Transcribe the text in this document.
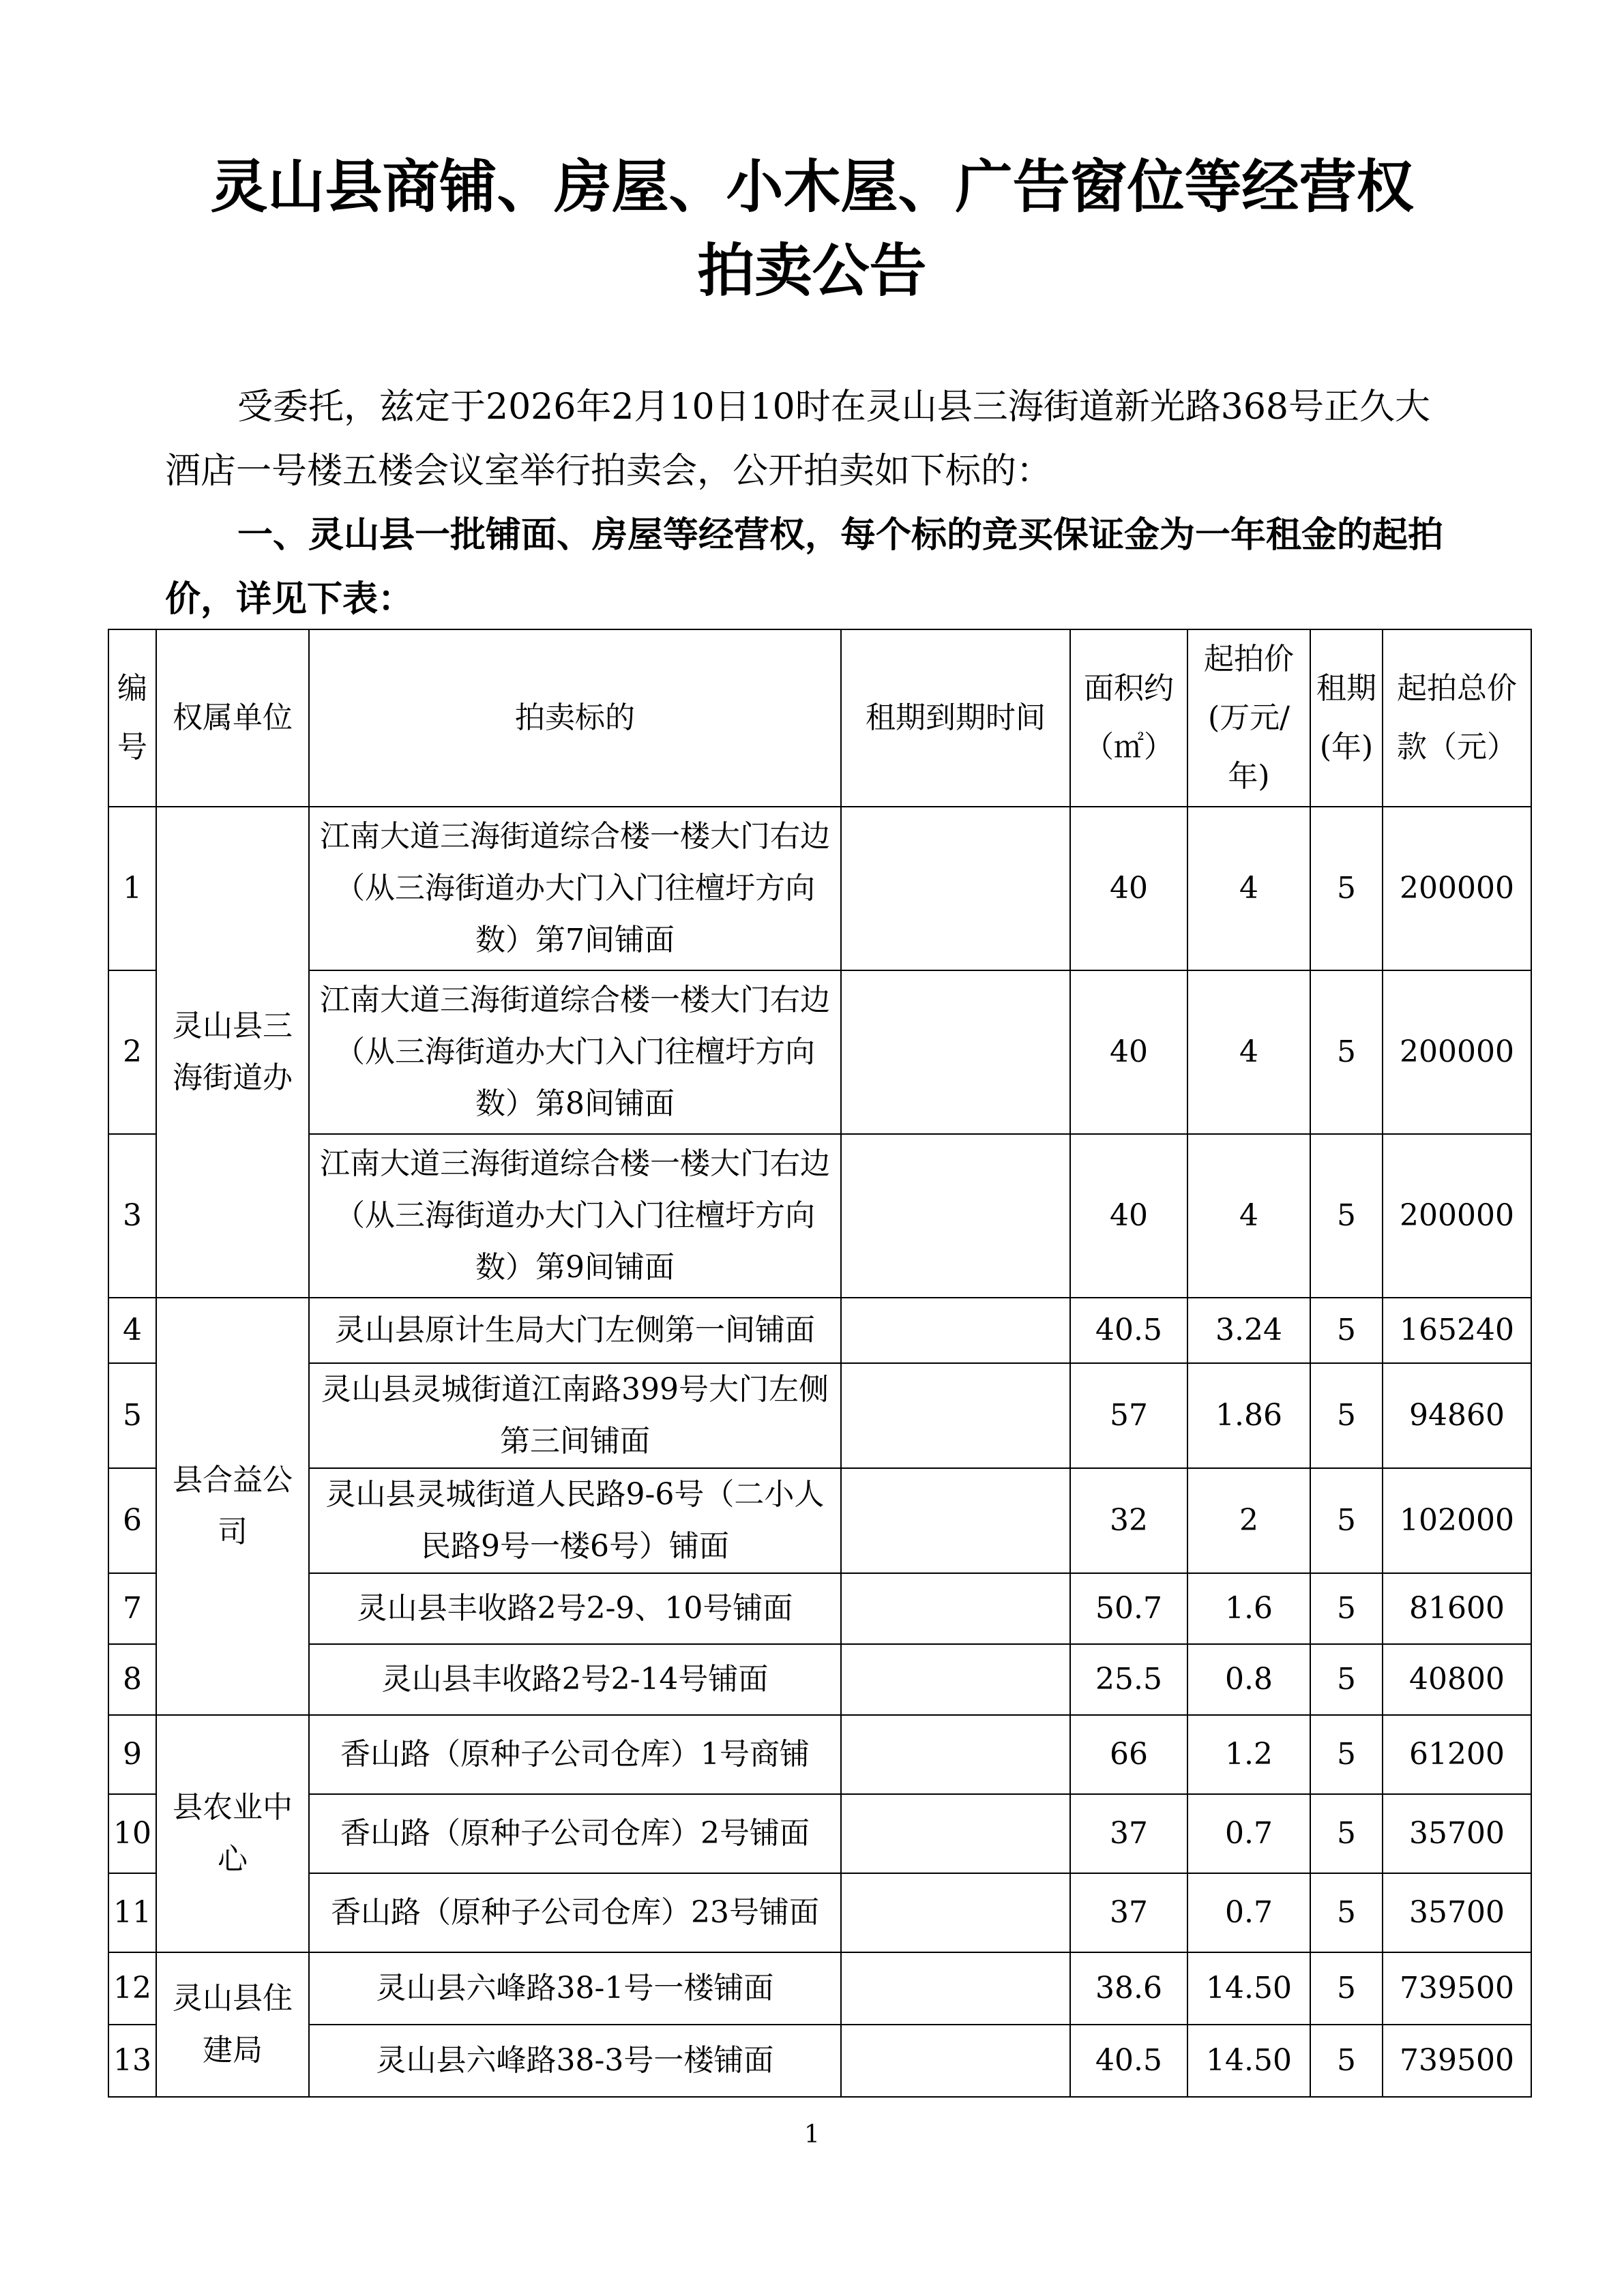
灵山县商铺、房屋、小木屋、广告窗位等经营权
拍卖公告
受委托，兹定于2026年2月10日10时在灵山县三海街道新光路368号正久大酒店一号楼五楼会议室举行拍卖会，公开拍卖如下标的：
一、灵山县一批铺面、房屋等经营权，每个标的竞买保证金为一年租金的起拍价，详见下表：
编号	权属单位	拍卖标的	租期到期时间	面积约（㎡）	起拍价(万元/年)	租期(年)	起拍总价款（元）
1	灵山县三海街道办	江南大道三海街道综合楼一楼大门右边（从三海街道办大门入门往檀圩方向数）第7间铺面		40	4	5	200000
2		江南大道三海街道综合楼一楼大门右边（从三海街道办大门入门往檀圩方向数）第8间铺面		40	4	5	200000
3		江南大道三海街道综合楼一楼大门右边（从三海街道办大门入门往檀圩方向数）第9间铺面		40	4	5	200000
4	县合益公司	灵山县原计生局大门左侧第一间铺面		40.5	3.24	5	165240
5		灵山县灵城街道江南路399号大门左侧第三间铺面		57	1.86	5	94860
6		灵山县灵城街道人民路9-6号（二小人民路9号一楼6号）铺面		32	2	5	102000
7		灵山县丰收路2号2-9、10号铺面		50.7	1.6	5	81600
8		灵山县丰收路2号2-14号铺面		25.5	0.8	5	40800
9	县农业中心	香山路（原种子公司仓库）1号商铺		66	1.2	5	61200
10		香山路（原种子公司仓库）2号铺面		37	0.7	5	35700
11		香山路（原种子公司仓库）23号铺面		37	0.7	5	35700
12	灵山县住建局	灵山县六峰路38-1号一楼铺面		38.6	14.50	5	739500
13		灵山县六峰路38-3号一楼铺面		40.5	14.50	5	739500
1
